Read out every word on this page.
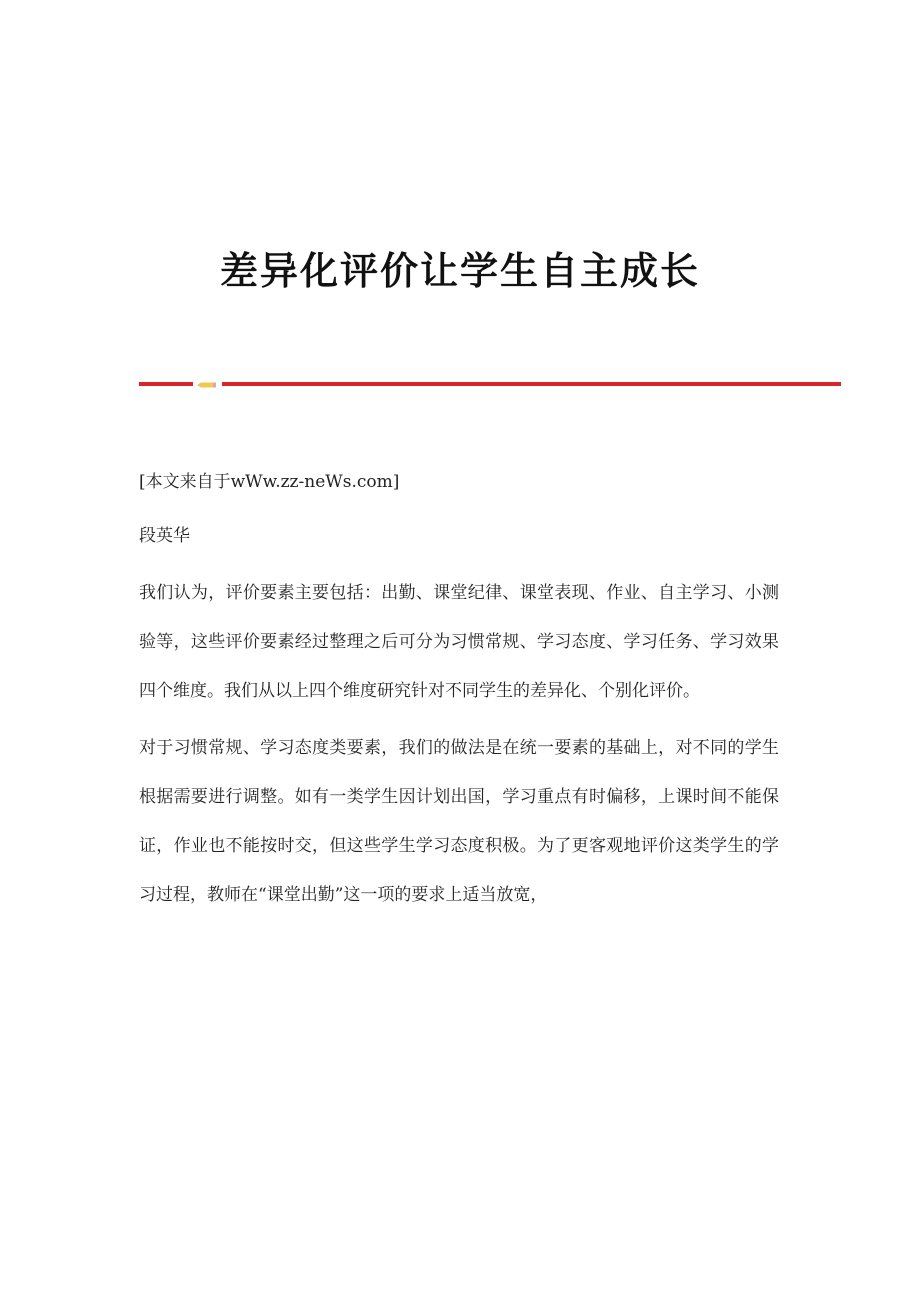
差异化评价让学生自主成长

[本文来自于wWw.zz-neWs.com]

段英华

我们认为，评价要素主要包括：出勤、课堂纪律、课堂表现、作业、自主学习、小测验等，这些评价要素经过整理之后可分为习惯常规、学习态度、学习任务、学习效果四个维度。我们从以上四个维度研究针对不同学生的差异化、个别化评价。

对于习惯常规、学习态度类要素，我们的做法是在统一要素的基础上，对不同的学生根据需要进行调整。如有一类学生因计划出国，学习重点有时偏移，上课时间不能保证，作业也不能按时交，但这些学生学习态度积极。为了更客观地评价这类学生的学习过程，教师在“课堂出勤”这一项的要求上适当放宽，
